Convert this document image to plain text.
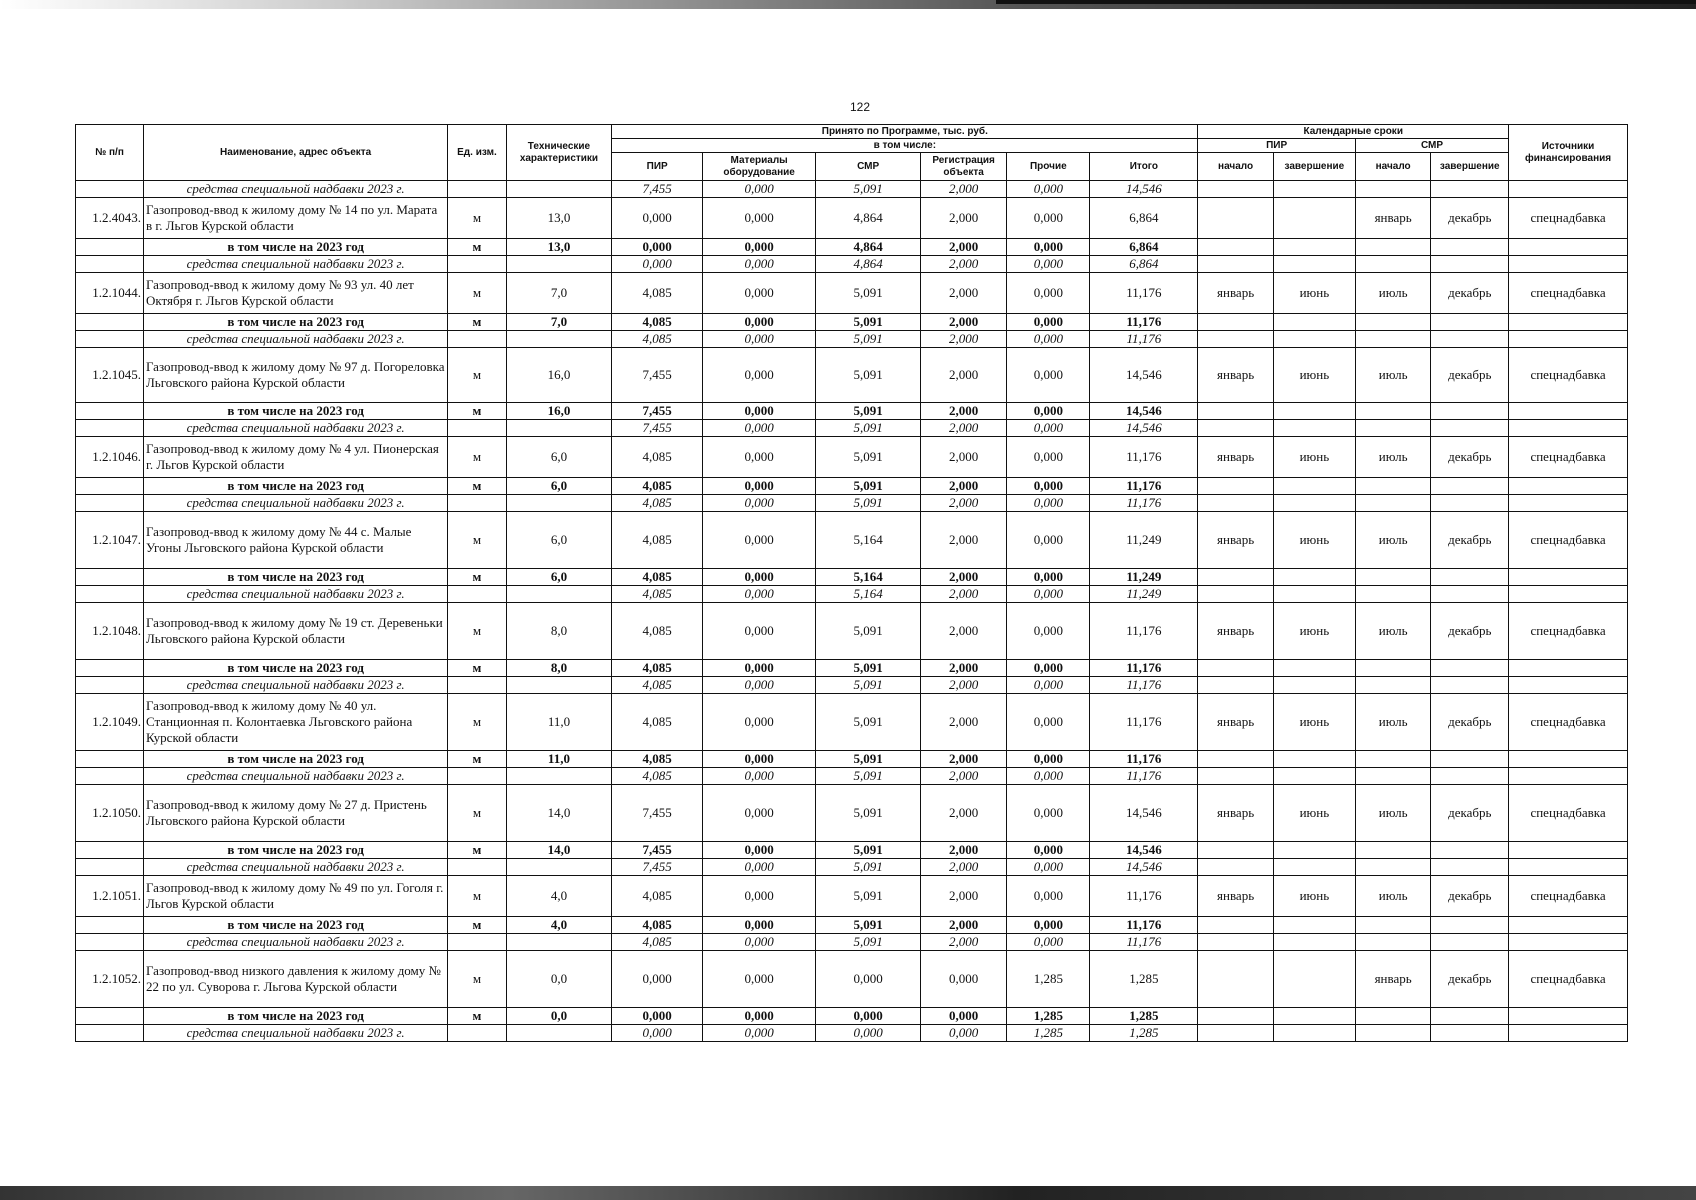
122
№ п/п	Наименование, адрес объекта	Ед. изм.	Технические характеристики	Принято по Программе, тыс. руб.						Календарные сроки				Источники финансирования
				в том числе:						ПИР		СМР		
				ПИР	Материалы оборудование	СМР	Регистрация объекта	Прочие	Итого	начало	завершение	начало	завершение	
	средства специальной надбавки 2023 г.			7,455	0,000	5,091	2,000	0,000	14,546					
1.2.4043.	Газопровод-ввод к жилому дому № 14 по ул. Марата в г. Льгов Курской области	м	13,0	0,000	0,000	4,864	2,000	0,000	6,864			январь	декабрь	спецнадбавка
	в том числе на 2023 год	м	13,0	0,000	0,000	4,864	2,000	0,000	6,864					
	средства специальной надбавки 2023 г.			0,000	0,000	4,864	2,000	0,000	6,864					
1.2.1044.	Газопровод-ввод к жилому дому № 93 ул. 40 лет Октября г. Льгов Курской области	м	7,0	4,085	0,000	5,091	2,000	0,000	11,176	январь	июнь	июль	декабрь	спецнадбавка
	в том числе на 2023 год	м	7,0	4,085	0,000	5,091	2,000	0,000	11,176					
	средства специальной надбавки 2023 г.			4,085	0,000	5,091	2,000	0,000	11,176					
1.2.1045.	Газопровод-ввод к жилому дому № 97 д. Погореловка Льговского района Курской области	м	16,0	7,455	0,000	5,091	2,000	0,000	14,546	январь	июнь	июль	декабрь	спецнадбавка
	в том числе на 2023 год	м	16,0	7,455	0,000	5,091	2,000	0,000	14,546					
	средства специальной надбавки 2023 г.			7,455	0,000	5,091	2,000	0,000	14,546					
1.2.1046.	Газопровод-ввод к жилому дому № 4 ул. Пионерская г. Льгов Курской области	м	6,0	4,085	0,000	5,091	2,000	0,000	11,176	январь	июнь	июль	декабрь	спецнадбавка
	в том числе на 2023 год	м	6,0	4,085	0,000	5,091	2,000	0,000	11,176					
	средства специальной надбавки 2023 г.			4,085	0,000	5,091	2,000	0,000	11,176					
1.2.1047.	Газопровод-ввод к жилому дому № 44 с. Малые Угоны Льговского района Курской области	м	6,0	4,085	0,000	5,164	2,000	0,000	11,249	январь	июнь	июль	декабрь	спецнадбавка
	в том числе на 2023 год	м	6,0	4,085	0,000	5,164	2,000	0,000	11,249					
	средства специальной надбавки 2023 г.			4,085	0,000	5,164	2,000	0,000	11,249					
1.2.1048.	Газопровод-ввод к жилому дому № 19 ст. Деревеньки Льговского района Курской области	м	8,0	4,085	0,000	5,091	2,000	0,000	11,176	январь	июнь	июль	декабрь	спецнадбавка
	в том числе на 2023 год	м	8,0	4,085	0,000	5,091	2,000	0,000	11,176					
	средства специальной надбавки 2023 г.			4,085	0,000	5,091	2,000	0,000	11,176					
1.2.1049.	Газопровод-ввод к жилому дому № 40 ул. Станционная п. Колонтаевка Льговского района Курской области	м	11,0	4,085	0,000	5,091	2,000	0,000	11,176	январь	июнь	июль	декабрь	спецнадбавка
	в том числе на 2023 год	м	11,0	4,085	0,000	5,091	2,000	0,000	11,176					
	средства специальной надбавки 2023 г.			4,085	0,000	5,091	2,000	0,000	11,176					
1.2.1050.	Газопровод-ввод к жилому дому № 27 д. Пристень Льговского района Курской области	м	14,0	7,455	0,000	5,091	2,000	0,000	14,546	январь	июнь	июль	декабрь	спецнадбавка
	в том числе на 2023 год	м	14,0	7,455	0,000	5,091	2,000	0,000	14,546					
	средства специальной надбавки 2023 г.			7,455	0,000	5,091	2,000	0,000	14,546					
1.2.1051.	Газопровод-ввод к жилому дому № 49 по ул. Гоголя г. Льгов Курской области	м	4,0	4,085	0,000	5,091	2,000	0,000	11,176	январь	июнь	июль	декабрь	спецнадбавка
	в том числе на 2023 год	м	4,0	4,085	0,000	5,091	2,000	0,000	11,176					
	средства специальной надбавки 2023 г.			4,085	0,000	5,091	2,000	0,000	11,176					
1.2.1052.	Газопровод-ввод низкого давления к жилому дому № 22 по ул. Суворова г. Льгова Курской области	м	0,0	0,000	0,000	0,000	0,000	1,285	1,285			январь	декабрь	спецнадбавка
	в том числе на 2023 год	м	0,0	0,000	0,000	0,000	0,000	1,285	1,285					
	средства специальной надбавки 2023 г.			0,000	0,000	0,000	0,000	1,285	1,285					
